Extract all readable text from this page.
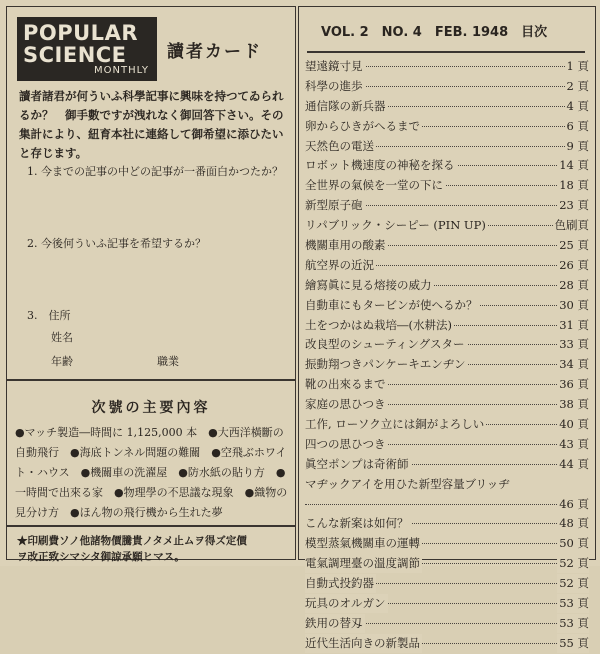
POPULAR
SCIENCE
MONTHLY
讀者カード
讀者諸君が何ういふ科學記事に興味を持つてゐられるか？　御手數ですが洩れなく御回答下さい。その集計により、紐育本社に連絡して御希望に添ひたいと存じます。
1. 今までの記事の中どの記事が一番面白かつたか？
2. 今後何ういふ記事を希望するか？
3.　住所
姓名
年齢	職業
次號の主要內容
●マッチ製造―時間に 1,125,000 本　●大西洋橫斷の自動飛行　●海底トンネル問題の難關　●空飛ぶホワイト・ハウス　●機關車の洗濯屋　●防水紙の貼り方　●一時間で出來る家　●物理學の不思議な現象　●織物の見分け方　●ほん物の飛行機から生れた夢
★印刷費ソノ他諸物價騰貴ノタメ止ムヲ得ズ定價
ヲ改正致シマシタ御諒承願ヒマス。
VOL. 2　NO. 4　FEB. 1948　目次
望遠鏡寸見	1 頁
科學の進歩	2 頁
通信隊の新兵器	4 頁
卵からひきがへるまで	6 頁
天然色の電送	9 頁
ロボット機速度の神秘を探る	14 頁
全世界の氣候を一堂の下に	18 頁
新型原子砲	23 頁
リパブリック・シーピー (PIN UP)	色刷頁
機關車用の酸素	25 頁
航空界の近況	26 頁
繪寫眞に見る熔接の威力	28 頁
自動車にもタービンが使へるか？	30 頁
土をつかはぬ栽培―(水耕法)	31 頁
改良型のシューティングスター	33 頁
振動翔つきパンケーキエンヂン	34 頁
靴の出來るまで	36 頁
家庭の思ひつき	38 頁
工作, ローソク立には銅がよろしい	40 頁
四つの思ひつき	43 頁
眞空ポンプは奇術師	44 頁
マヂックアイを用ひた新型容量ブリッヂ
46 頁
こんな新案は如何？	48 頁
模型蒸氣機關車の運轉	50 頁
電氣調理臺の溫度調節	52 頁
自動式投釣器	52 頁
玩具のオルガン	53 頁
鉄用の替刄	53 頁
近代生活向きの新製品	55 頁
